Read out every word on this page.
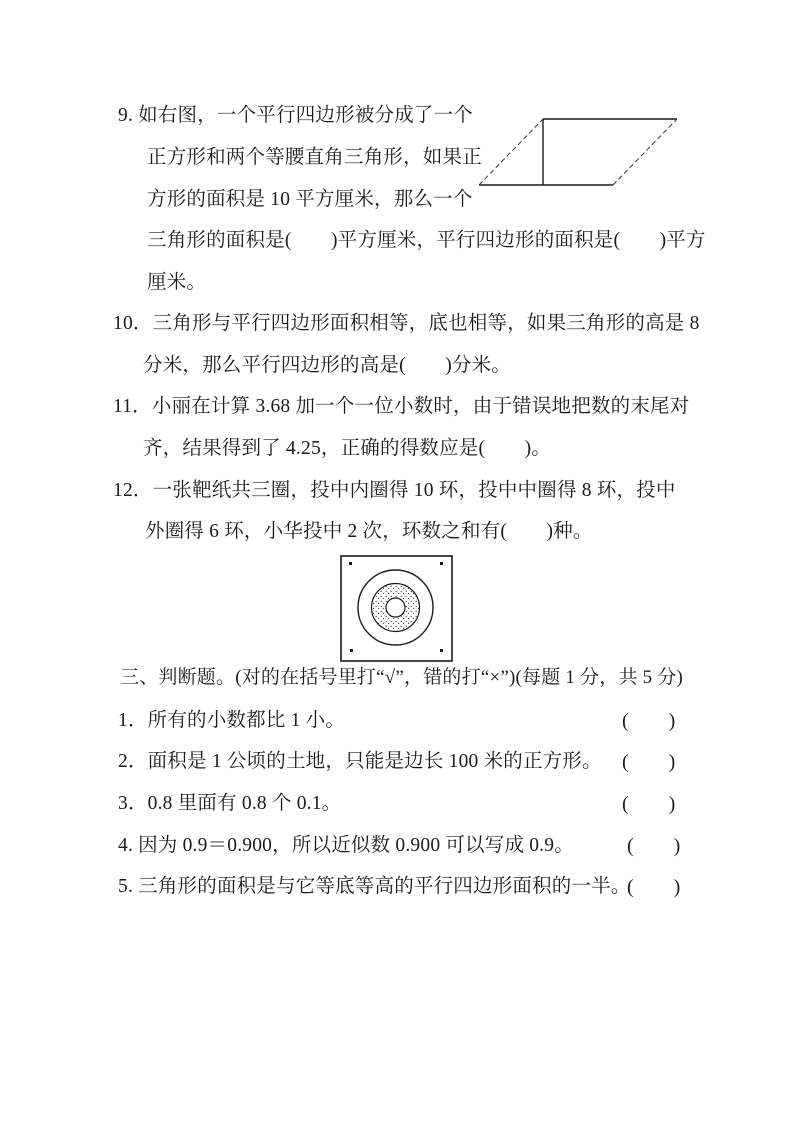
9. 如右图，一个平行四边形被分成了一个
正方形和两个等腰直角三角形，如果正
方形的面积是 10 平方厘米，那么一个
三角形的面积是(　　)平方厘米，平行四边形的面积是(　　)平方
厘米。
10．三角形与平行四边形面积相等，底也相等，如果三角形的高是 8
分米，那么平行四边形的高是(　　)分米。
11．小丽在计算 3.68 加一个一位小数时，由于错误地把数的末尾对
齐，结果得到了 4.25，正确的得数应是(　　)。
12．一张靶纸共三圈，投中内圈得 10 环，投中中圈得 8 环，投中
外圈得 6 环，小华投中 2 次，环数之和有(　　)种。
三、判断题。(对的在括号里打“√”，错的打“×”)(每题 1 分，共 5 分)
1．所有的小数都比 1 小。	(　　)
2．面积是 1 公顷的土地，只能是边长 100 米的正方形。 (　　)
3．0.8 里面有 0.8 个 0.1。	(　　)
4. 因为 0.9＝0.900，所以近似数 0.900 可以写成 0.9。	(　　)
5. 三角形的面积是与它等底等高的平行四边形面积的一半。
(　　)
